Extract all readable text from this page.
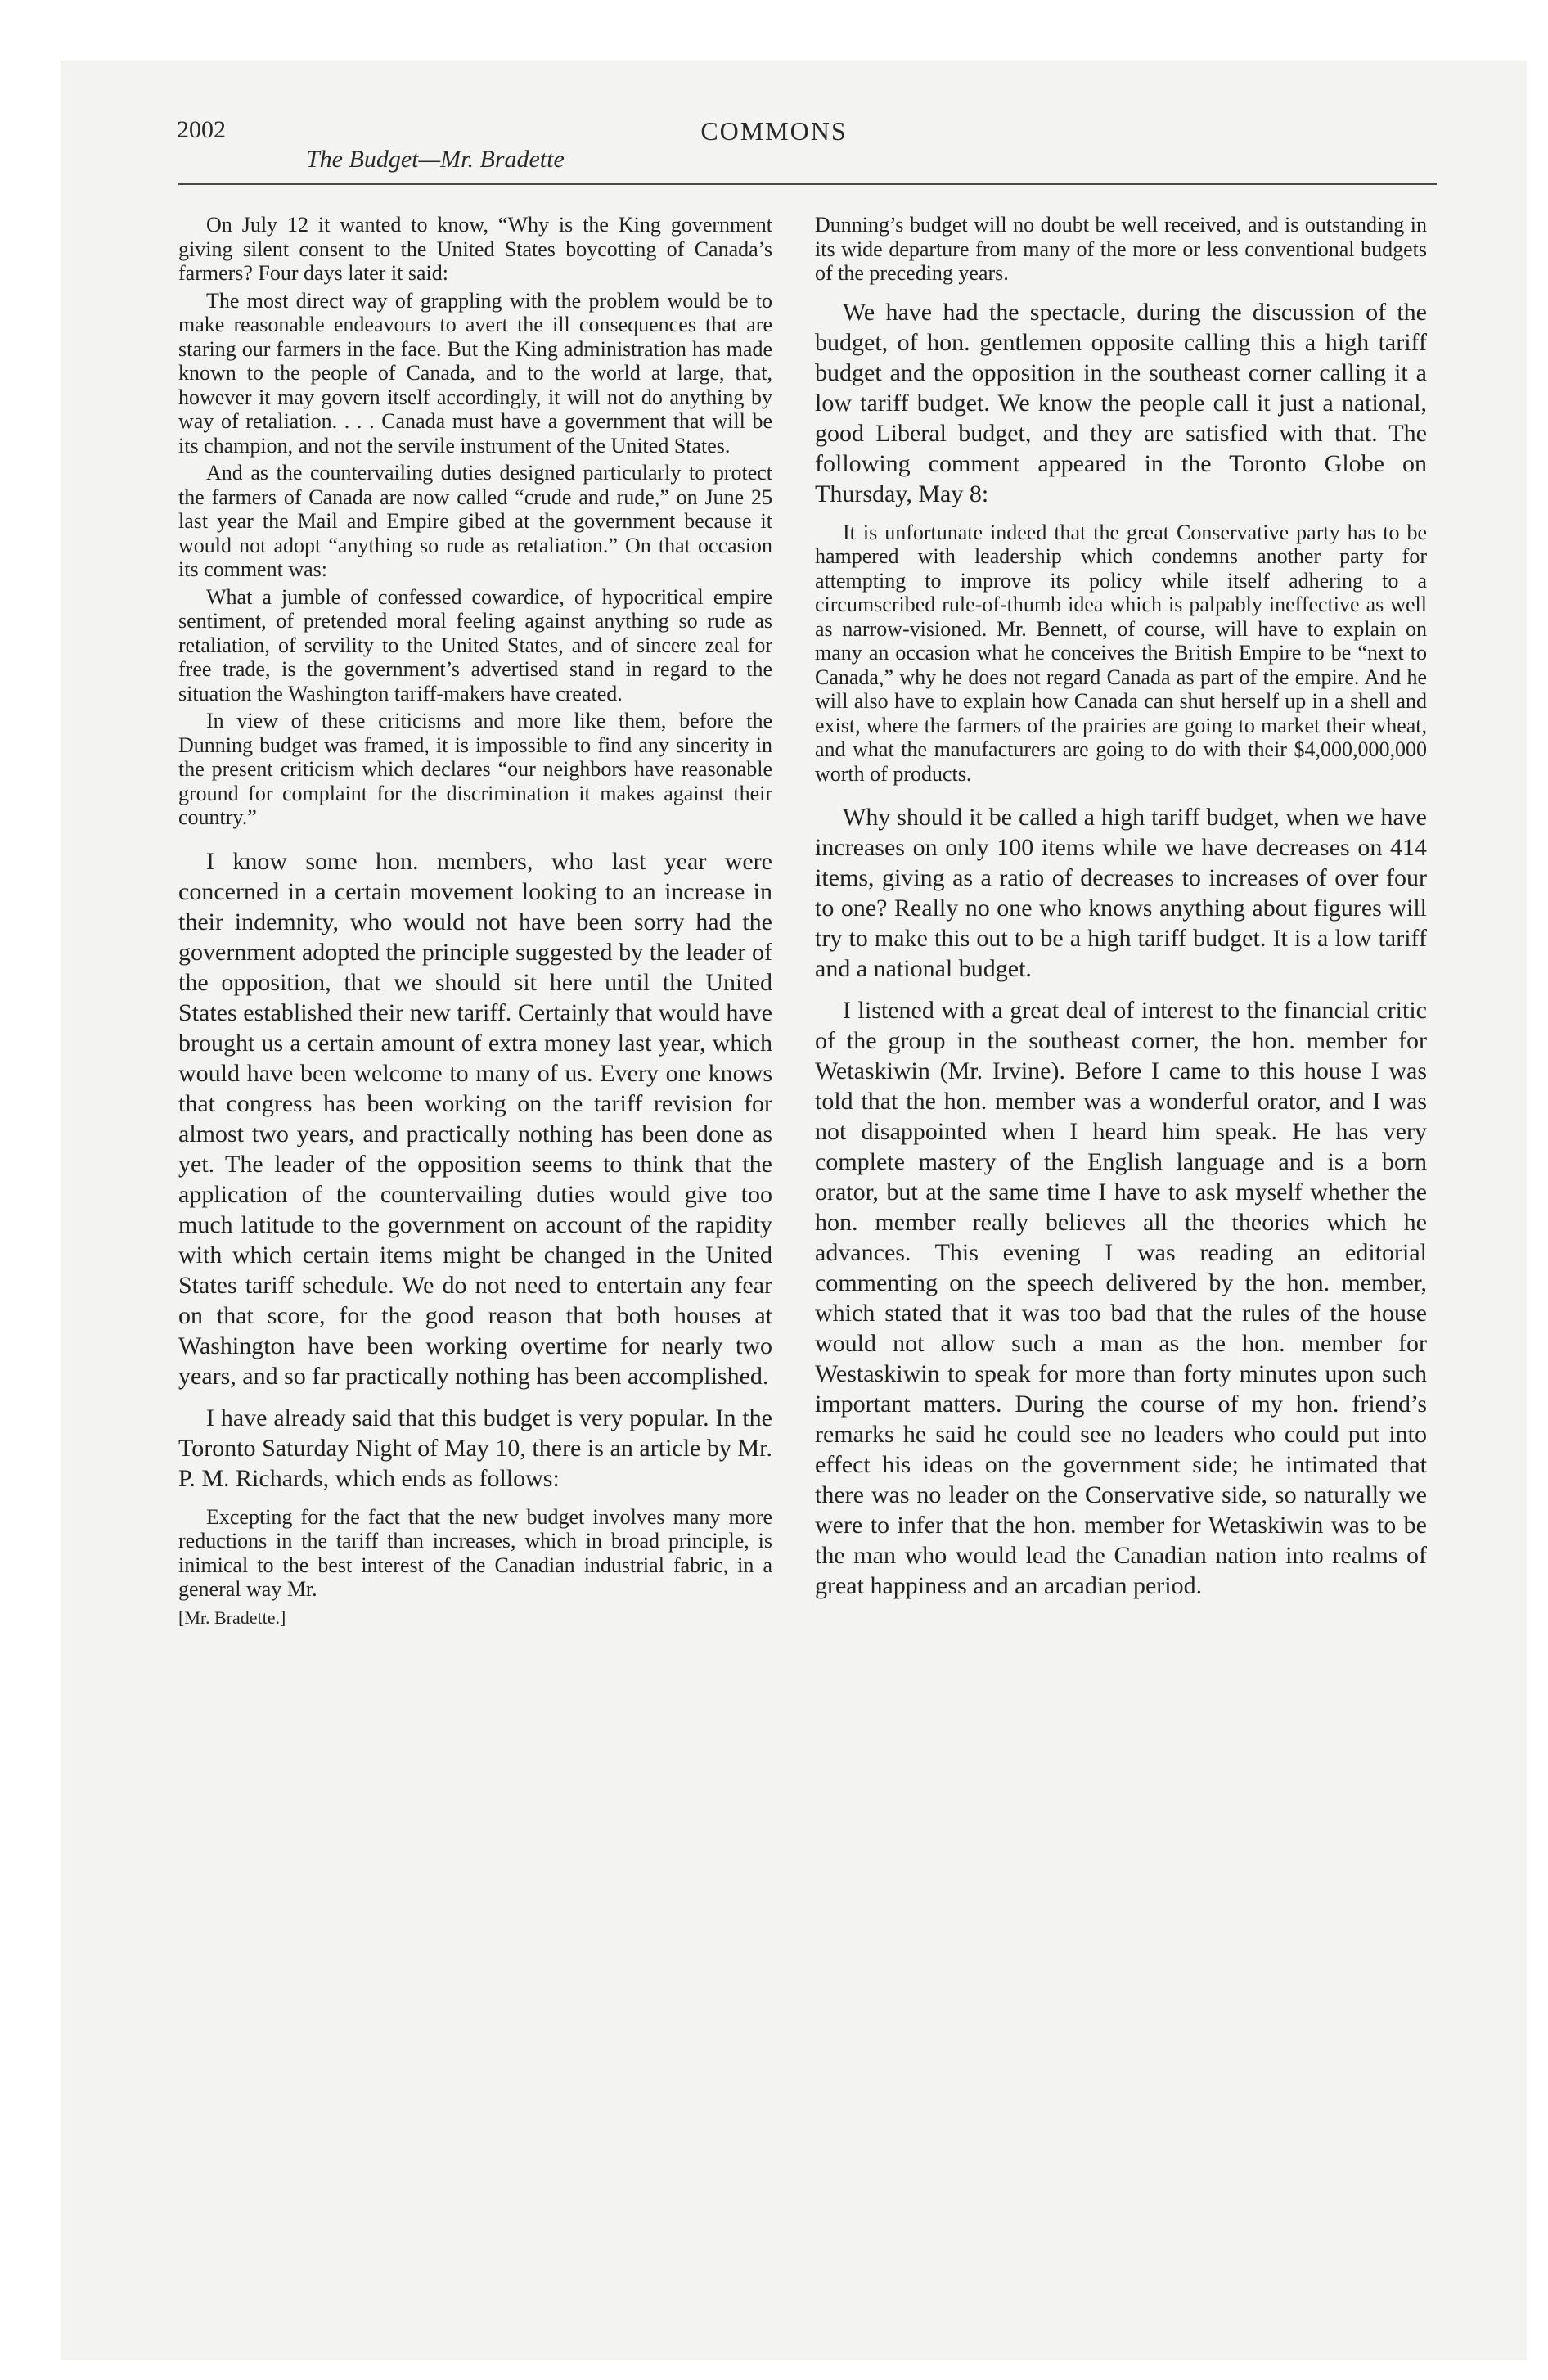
2002	COMMONS
The Budget—Mr. Bradette

On July 12 it wanted to know, “Why is the King government giving silent consent to the United States boycotting of Canada’s farmers? Four days later it said:

The most direct way of grappling with the problem would be to make reasonable endeavours to avert the ill consequences that are staring our farmers in the face. But the King administration has made known to the people of Canada, and to the world at large, that, however it may govern itself accordingly, it will not do anything by way of retaliation. . . . Canada must have a government that will be its champion, and not the servile instrument of the United States.

And as the countervailing duties designed particularly to protect the farmers of Canada are now called “crude and rude,” on June 25 last year the Mail and Empire gibed at the government because it would not adopt “anything so rude as retaliation.” On that occasion its comment was:

What a jumble of confessed cowardice, of hypocritical empire sentiment, of pretended moral feeling against anything so rude as retaliation, of servility to the United States, and of sincere zeal for free trade, is the government’s advertised stand in regard to the situation the Washington tariff-makers have created.

In view of these criticisms and more like them, before the Dunning budget was framed, it is impossible to find any sincerity in the present criticism which declares “our neighbors have reasonable ground for complaint for the discrimination it makes against their country.”

I know some hon. members, who last year were concerned in a certain movement looking to an increase in their indemnity, who would not have been sorry had the government adopted the principle suggested by the leader of the opposition, that we should sit here until the United States established their new tariff. Certainly that would have brought us a certain amount of extra money last year, which would have been welcome to many of us. Every one knows that congress has been working on the tariff revision for almost two years, and practically nothing has been done as yet. The leader of the opposition seems to think that the application of the countervailing duties would give too much latitude to the government on account of the rapidity with which certain items might be changed in the United States tariff schedule. We do not need to entertain any fear on that score, for the good reason that both houses at Washington have been working overtime for nearly two years, and so far practically nothing has been accomplished.

I have already said that this budget is very popular. In the Toronto Saturday Night of May 10, there is an article by Mr. P. M. Richards, which ends as follows:

Excepting for the fact that the new budget involves many more reductions in the tariff than increases, which in broad principle, is inimical to the best interest of the Canadian industrial fabric, in a general way Mr.

[Mr. Bradette.]

Dunning’s budget will no doubt be well received, and is outstanding in its wide departure from many of the more or less conventional budgets of the preceding years.

We have had the spectacle, during the discussion of the budget, of hon. gentlemen opposite calling this a high tariff budget and the opposition in the southeast corner calling it a low tariff budget. We know the people call it just a national, good Liberal budget, and they are satisfied with that. The following comment appeared in the Toronto Globe on Thursday, May 8:

It is unfortunate indeed that the great Conservative party has to be hampered with leadership which condemns another party for attempting to improve its policy while itself adhering to a circumscribed rule-of-thumb idea which is palpably ineffective as well as narrow-visioned. Mr. Bennett, of course, will have to explain on many an occasion what he conceives the British Empire to be “next to Canada,” why he does not regard Canada as part of the empire. And he will also have to explain how Canada can shut herself up in a shell and exist, where the farmers of the prairies are going to market their wheat, and what the manufacturers are going to do with their $4,000,000,000 worth of products.

Why should it be called a high tariff budget, when we have increases on only 100 items while we have decreases on 414 items, giving as a ratio of decreases to increases of over four to one? Really no one who knows anything about figures will try to make this out to be a high tariff budget. It is a low tariff and a national budget.

I listened with a great deal of interest to the financial critic of the group in the southeast corner, the hon. member for Wetaskiwin (Mr. Irvine). Before I came to this house I was told that the hon. member was a wonderful orator, and I was not disappointed when I heard him speak. He has very complete mastery of the English language and is a born orator, but at the same time I have to ask myself whether the hon. member really believes all the theories which he advances. This evening I was reading an editorial commenting on the speech delivered by the hon. member, which stated that it was too bad that the rules of the house would not allow such a man as the hon. member for Westaskiwin to speak for more than forty minutes upon such important matters. During the course of my hon. friend’s remarks he said he could see no leaders who could put into effect his ideas on the government side; he intimated that there was no leader on the Conservative side, so naturally we were to infer that the hon. member for Wetaskiwin was to be the man who would lead the Canadian nation into realms of great happiness and an arcadian period.
